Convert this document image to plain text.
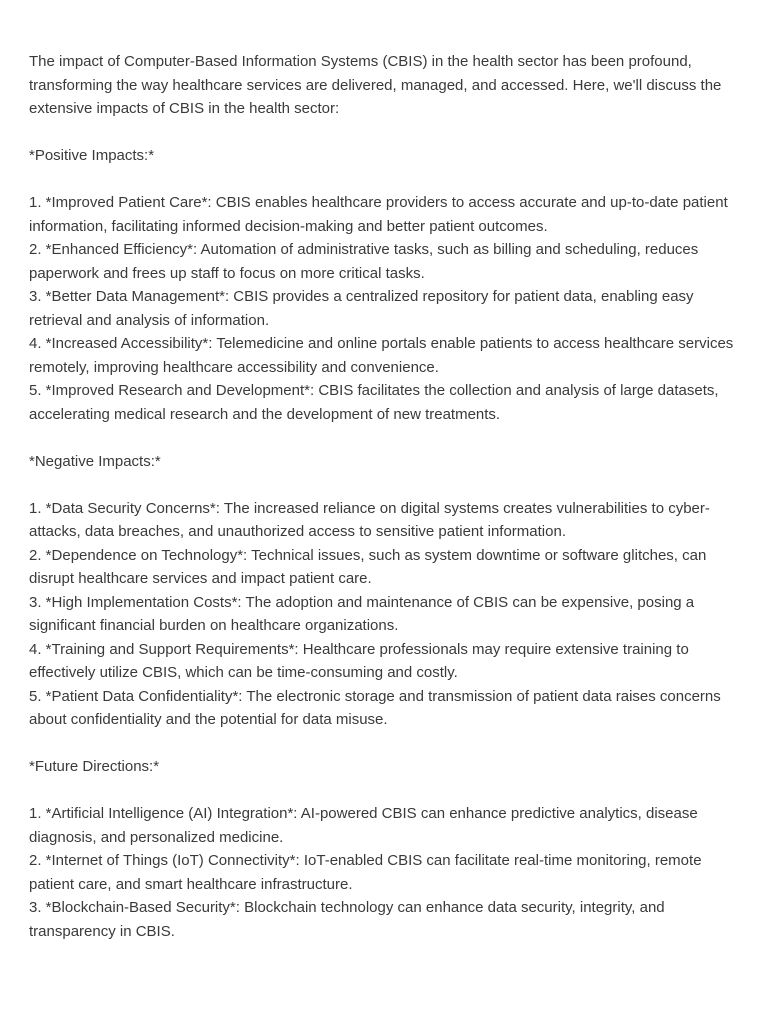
The impact of Computer-Based Information Systems (CBIS) in the health sector has been profound, transforming the way healthcare services are delivered, managed, and accessed. Here, we'll discuss the extensive impacts of CBIS in the health sector:

*Positive Impacts:*

1. *Improved Patient Care*: CBIS enables healthcare providers to access accurate and up-to-date patient information, facilitating informed decision-making and better patient outcomes.

2. *Enhanced Efficiency*: Automation of administrative tasks, such as billing and scheduling, reduces paperwork and frees up staff to focus on more critical tasks.

3. *Better Data Management*: CBIS provides a centralized repository for patient data, enabling easy retrieval and analysis of information.

4. *Increased Accessibility*: Telemedicine and online portals enable patients to access healthcare services remotely, improving healthcare accessibility and convenience.

5. *Improved Research and Development*: CBIS facilitates the collection and analysis of large datasets, accelerating medical research and the development of new treatments.

*Negative Impacts:*

1. *Data Security Concerns*: The increased reliance on digital systems creates vulnerabilities to cyber-attacks, data breaches, and unauthorized access to sensitive patient information.

2. *Dependence on Technology*: Technical issues, such as system downtime or software glitches, can disrupt healthcare services and impact patient care.

3. *High Implementation Costs*: The adoption and maintenance of CBIS can be expensive, posing a significant financial burden on healthcare organizations.

4. *Training and Support Requirements*: Healthcare professionals may require extensive training to effectively utilize CBIS, which can be time-consuming and costly.

5. *Patient Data Confidentiality*: The electronic storage and transmission of patient data raises concerns about confidentiality and the potential for data misuse.

*Future Directions:*

1. *Artificial Intelligence (AI) Integration*: AI-powered CBIS can enhance predictive analytics, disease diagnosis, and personalized medicine.

2. *Internet of Things (IoT) Connectivity*: IoT-enabled CBIS can facilitate real-time monitoring, remote patient care, and smart healthcare infrastructure.

3. *Blockchain-Based Security*: Blockchain technology can enhance data security, integrity, and transparency in CBIS.
